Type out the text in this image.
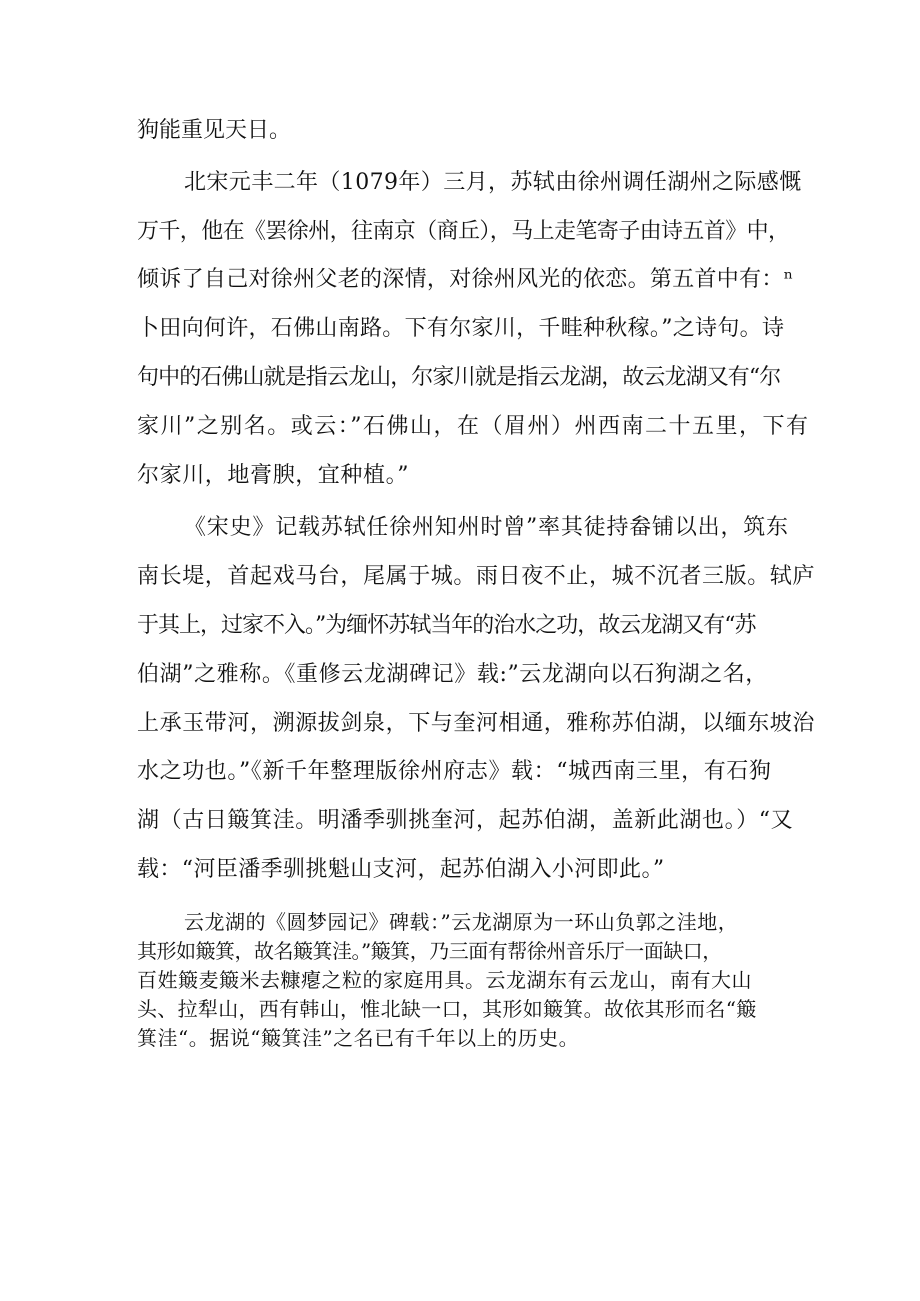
狗能重见天日。
北宋元丰二年（1079年）三月，苏轼由徐州调任湖州之际感慨
万千，他在《罢徐州，往南京（商丘），马上走笔寄子由诗五首》中，
倾诉了自己对徐州父老的深情，对徐州风光的依恋。第五首中有：ⁿ
卜田向何许，石佛山南路。下有尔家川，千畦种秋稼。”之诗句。诗
句中的石佛山就是指云龙山，尔家川就是指云龙湖，故云龙湖又有“尔
家川”之别名。或云：”石佛山，在（眉州）州西南二十五里，下有
尔家川，地膏腴，宜种植。”
《宋史》记载苏轼任徐州知州时曾”率其徒持畚铺以出，筑东
南长堤，首起戏马台，尾属于城。雨日夜不止，城不沉者三版。轼庐
于其上，过家不入。”为缅怀苏轼当年的治水之功，故云龙湖又有“苏
伯湖”之雅称。《重修云龙湖碑记》载:”云龙湖向以石狗湖之名，
上承玉带河，溯源拔剑泉，下与奎河相通，雅称苏伯湖，以缅东坡治
水之功也。”《新千年整理版徐州府志》载：“城西南三里，有石狗
湖（古日簸箕洼。明潘季驯挑奎河，起苏伯湖，盖新此湖也。）“又
载：“河臣潘季驯挑魁山支河，起苏伯湖入小河即此。”
云龙湖的《圆梦园记》碑载：”云龙湖原为一环山负郭之洼地，
其形如簸箕，故名簸箕洼。”簸箕，乃三面有帮徐州音乐厅一面缺口，
百姓簸麦簸米去糠瘪之粒的家庭用具。云龙湖东有云龙山，南有大山
头、拉犁山，西有韩山，惟北缺一口，其形如簸箕。故依其形而名“簸
箕洼“。据说“簸箕洼”之名已有千年以上的历史。
